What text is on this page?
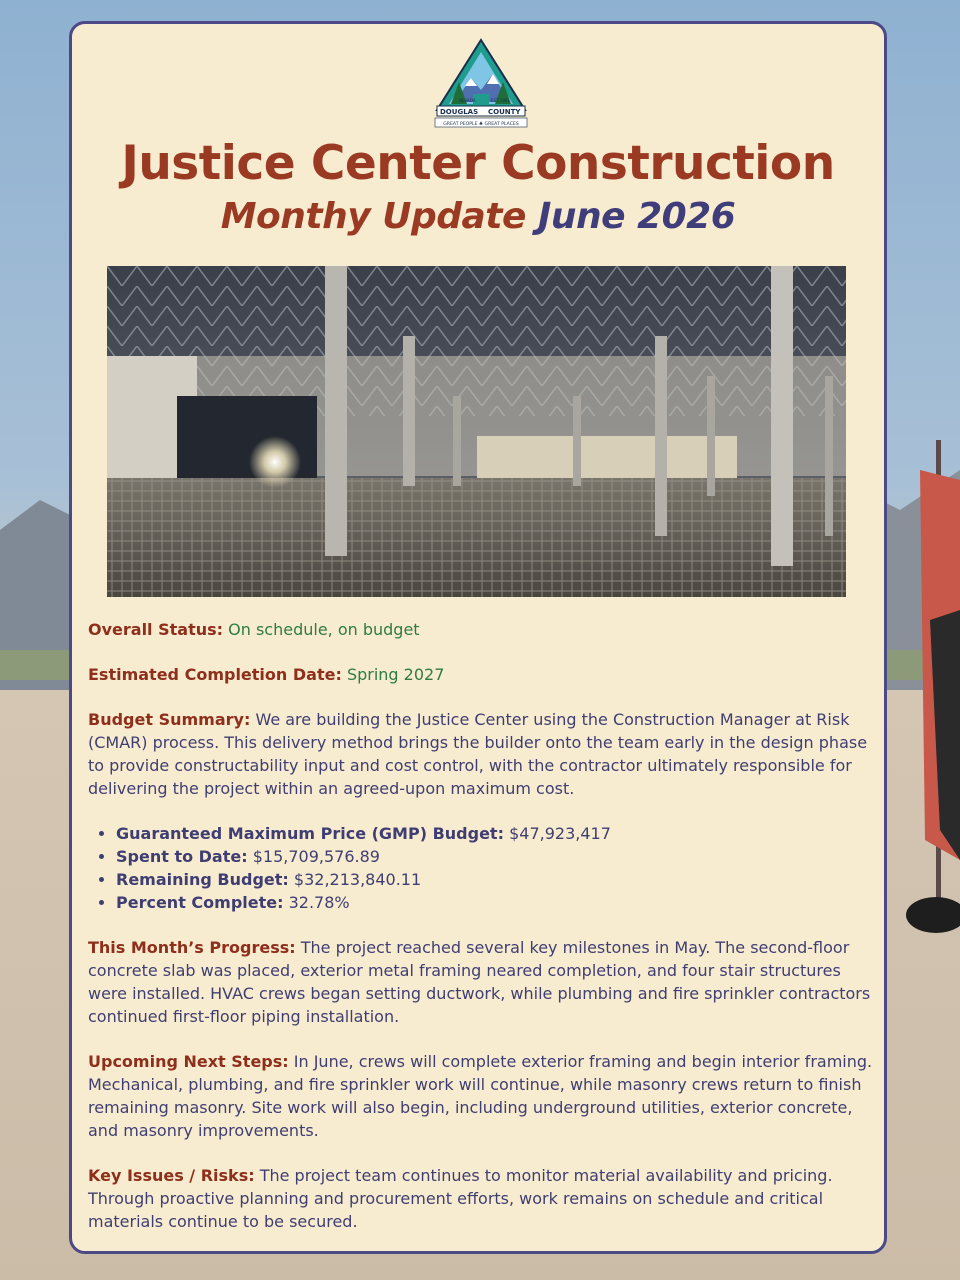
NEVADA	EST 1861
DOUGLAS COUNTY
GREAT PEOPLE ♣ GREAT PLACES
Justice Center Construction
Monthy Update June 2026

Overall Status: On schedule, on budget

Estimated Completion Date: Spring 2027

Budget Summary: We are building the Justice Center using the Construction Manager at Risk (CMAR) process. This delivery method brings the builder onto the team early in the design phase to provide constructability input and cost control, with the contractor ultimately responsible for delivering the project within an agreed-upon maximum cost.

• Guaranteed Maximum Price (GMP) Budget: $47,923,417
• Spent to Date: $15,709,576.89
• Remaining Budget: $32,213,840.11
• Percent Complete: 32.78%

This Month’s Progress: The project reached several key milestones in May. The second-floor concrete slab was placed, exterior metal framing neared completion, and four stair structures were installed. HVAC crews began setting ductwork, while plumbing and fire sprinkler contractors continued first-floor piping installation.

Upcoming Next Steps: In June, crews will complete exterior framing and begin interior framing. Mechanical, plumbing, and fire sprinkler work will continue, while masonry crews return to finish remaining masonry. Site work will also begin, including underground utilities, exterior concrete, and masonry improvements.

Key Issues / Risks: The project team continues to monitor material availability and pricing. Through proactive planning and procurement efforts, work remains on schedule and critical materials continue to be secured.
